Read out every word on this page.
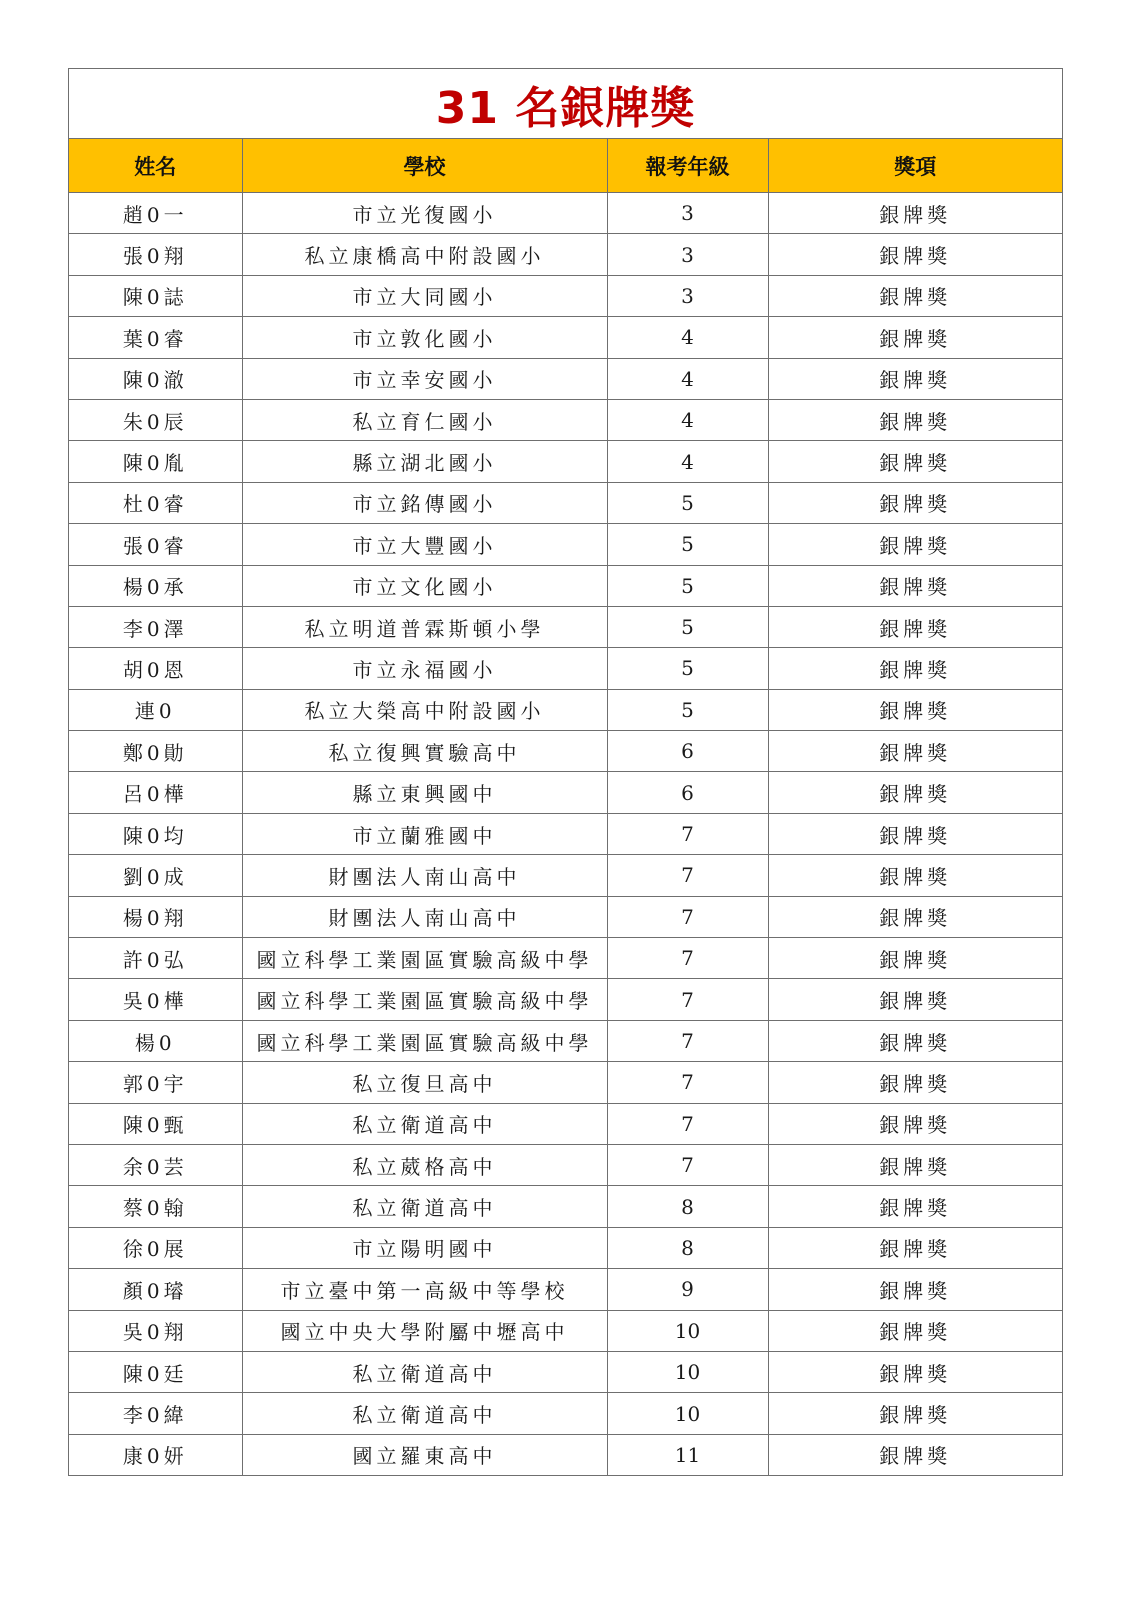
31 名銀牌獎
姓名	學校	報考年級	獎項
趙0一	市立光復國小	3	銀牌獎
張0翔	私立康橋高中附設國小	3	銀牌獎
陳0誌	市立大同國小	3	銀牌獎
葉0睿	市立敦化國小	4	銀牌獎
陳0澈	市立幸安國小	4	銀牌獎
朱0辰	私立育仁國小	4	銀牌獎
陳0胤	縣立湖北國小	4	銀牌獎
杜0睿	市立銘傳國小	5	銀牌獎
張0睿	市立大豐國小	5	銀牌獎
楊0承	市立文化國小	5	銀牌獎
李0澤	私立明道普霖斯頓小學	5	銀牌獎
胡0恩	市立永福國小	5	銀牌獎
連0	私立大榮高中附設國小	5	銀牌獎
鄭0勛	私立復興實驗高中	6	銀牌獎
呂0樺	縣立東興國中	6	銀牌獎
陳0均	市立蘭雅國中	7	銀牌獎
劉0成	財團法人南山高中	7	銀牌獎
楊0翔	財團法人南山高中	7	銀牌獎
許0弘	國立科學工業園區實驗高級中學	7	銀牌獎
吳0樺	國立科學工業園區實驗高級中學	7	銀牌獎
楊0	國立科學工業園區實驗高級中學	7	銀牌獎
郭0宇	私立復旦高中	7	銀牌獎
陳0甄	私立衛道高中	7	銀牌獎
余0芸	私立葳格高中	7	銀牌獎
蔡0翰	私立衛道高中	8	銀牌獎
徐0展	市立陽明國中	8	銀牌獎
顏0璿	市立臺中第一高級中等學校	9	銀牌獎
吳0翔	國立中央大學附屬中壢高中	10	銀牌獎
陳0廷	私立衛道高中	10	銀牌獎
李0緯	私立衛道高中	10	銀牌獎
康0妍	國立羅東高中	11	銀牌獎
